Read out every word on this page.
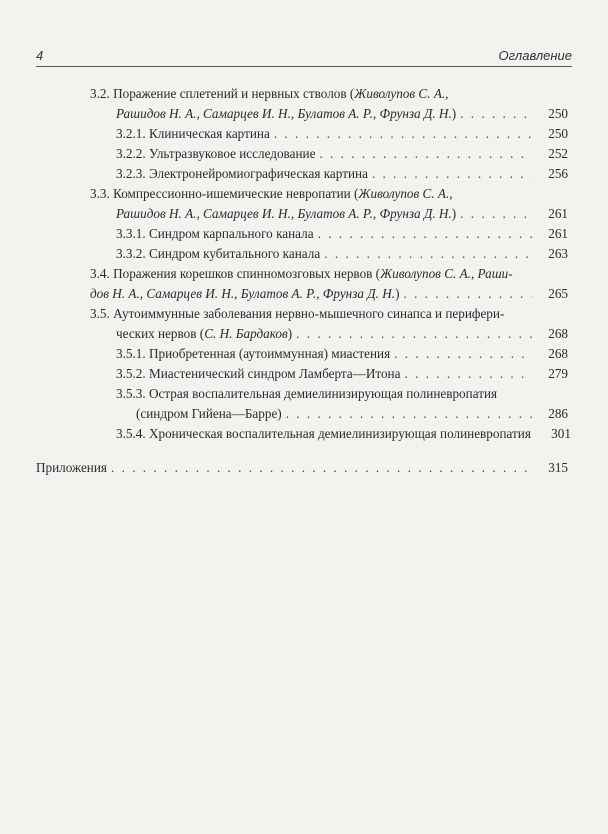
4	Оглавление
3.2. Поражение сплетений и нервных стволов (Живолупов С. А.,
Рашидов Н. А., Самарцев И. Н., Булатов А. Р., Фрунза Д. Н.) . . .	250
3.2.1. Клиническая картина . . .	250
3.2.2. Ультразвуковое исследование . . .	252
3.2.3. Электронейромиографическая картина . . .	256
3.3. Компрессионно-ишемические невропатии (Живолупов С. А.,
Рашидов Н. А., Самарцев И. Н., Булатов А. Р., Фрунза Д. Н.) . . .	261
3.3.1. Синдром карпального канала . . .	261
3.3.2. Синдром кубитального канала . . .	263
3.4. Поражения корешков спинномозговых нервов (Живолупов С. А., Раши-
дов Н. А., Самарцев И. Н., Булатов А. Р., Фрунза Д. Н.) . . .	265
3.5. Аутоиммунные заболевания нервно-мышечного синапса и перифери-
ческих нервов (С. Н. Бардаков) . . .	268
3.5.1. Приобретенная (аутоиммунная) миастения . . .	268
3.5.2. Миастенический синдром Ламберта—Итона . . .	279
3.5.3. Острая воспалительная демиелинизирующая полиневропатия
(синдром Гийена—Барре) . . .	286
3.5.4. Хроническая воспалительная демиелинизирующая полиневропатия	301
Приложения . . .	315
